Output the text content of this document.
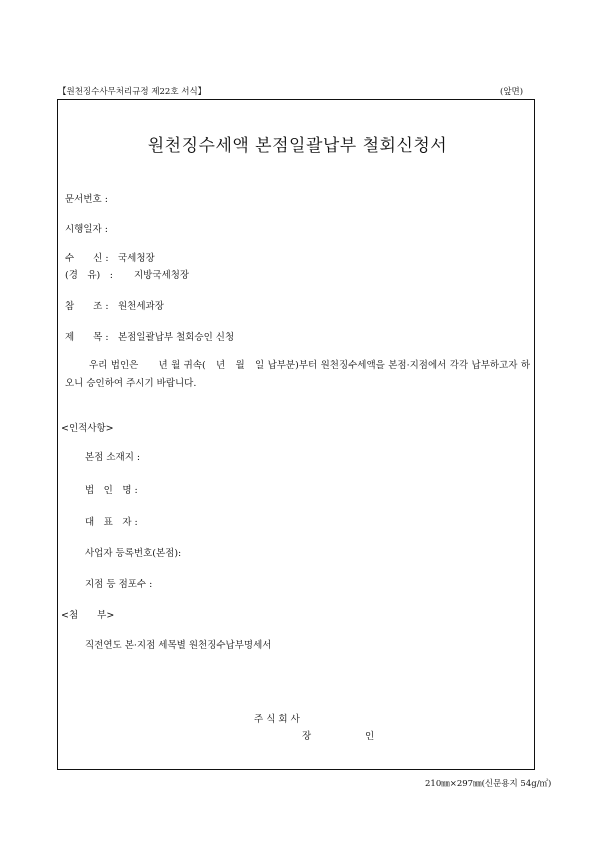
【원천징수사무처리규정 제22호 서식】	(앞면)
원천징수세액 본점일괄납부 철회신청서
문서번호 :
시행일자 :
수　　신 : 국세청장
(경　유)　: 지방국세청장
참　　조 : 원천세과장
제　　목 : 본점일괄납부 철회승인 신청
우리 법인은　　년 월 귀속(　년　월　일 납부분)부터 원천징수세액을 본점·지점에서 각각 납부하고자 하오니 승인하여 주시기 바랍니다.
<인적사항>
본점 소재지 :
법　인　명 :
대　표　자 :
사업자 등록번호(본점):
지점 등 점포수 :
<첨　　부>
직전연도 본·지점 세목별 원천징수납부명세서
주 식 회 사
장	인
210㎜×297㎜(신문용지 54g/㎡)
